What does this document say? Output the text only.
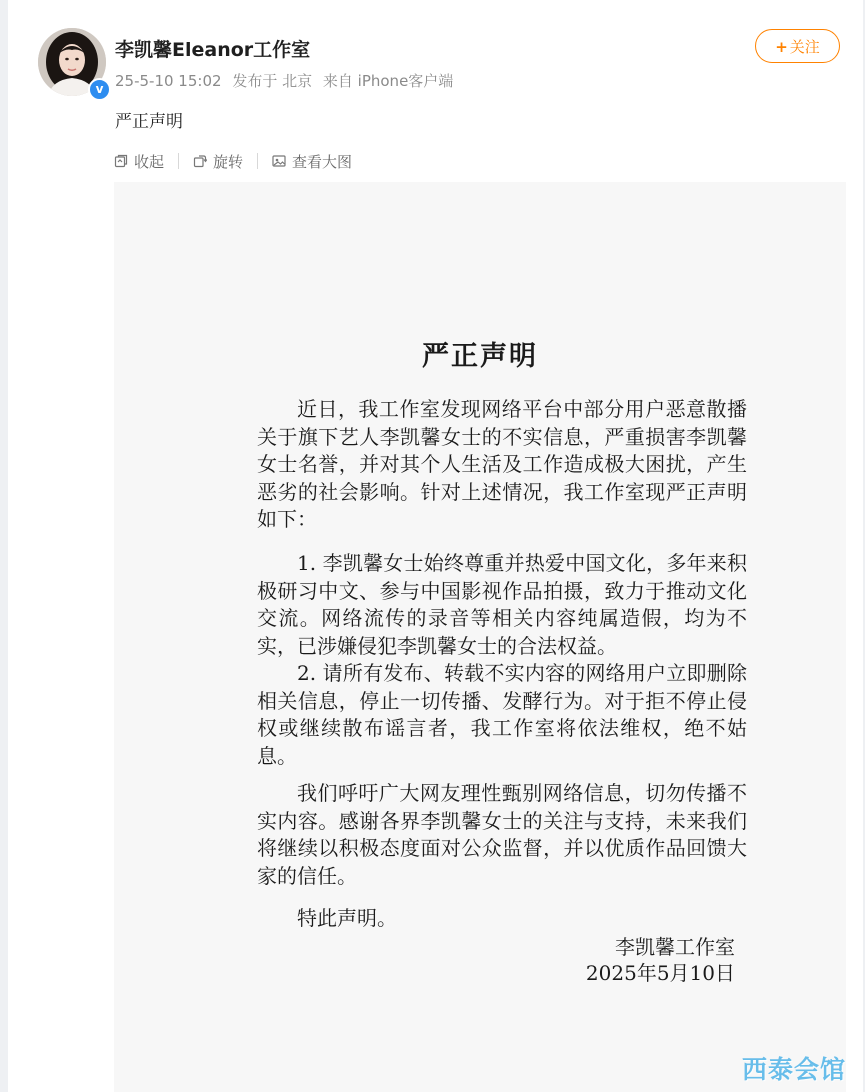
v
李凯馨Eleanor工作室
25-5-10 15:02 发布于 北京 来自 iPhone客户端
+ 关注
严正声明
收起	旋转	查看大图
严正声明

近日，我工作室发现网络平台中部分用户恶意散播关于旗下艺人李凯馨女士的不实信息，严重损害李凯馨女士名誉，并对其个人生活及工作造成极大困扰，产生恶劣的社会影响。针对上述情况，我工作室现严正声明如下：

1. 李凯馨女士始终尊重并热爱中国文化，多年来积极研习中文、参与中国影视作品拍摄，致力于推动文化交流。网络流传的录音等相关内容纯属造假，均为不实，已涉嫌侵犯李凯馨女士的合法权益。

2. 请所有发布、转载不实内容的网络用户立即删除相关信息，停止一切传播、发酵行为。对于拒不停止侵权或继续散布谣言者，我工作室将依法维权，绝不姑息。

我们呼吁广大网友理性甄别网络信息，切勿传播不实内容。感谢各界李凯馨女士的关注与支持，未来我们将继续以积极态度面对公众监督，并以优质作品回馈大家的信任。

特此声明。

李凯馨工作室
2025年5月10日
西泰会馆
